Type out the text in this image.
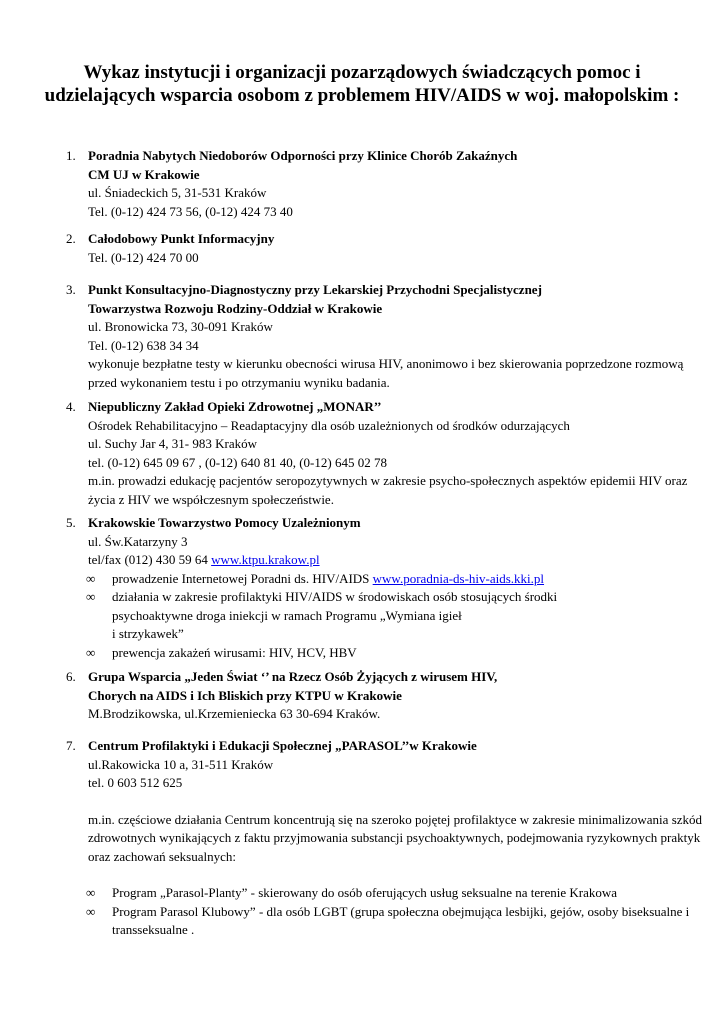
Wykaz instytucji i organizacji pozarządowych świadczących pomoc i udzielających wsparcia osobom z problemem HIV/AIDS w woj. małopolskim :
1. Poradnia Nabytych Niedoborów Odporności przy Klinice Chorób Zakaźnych
CM UJ w Krakowie
ul. Śniadeckich 5, 31-531 Kraków
Tel. (0-12) 424 73 56, (0-12) 424 73 40
2. Całodobowy Punkt Informacyjny
Tel. (0-12) 424 70 00
3. Punkt Konsultacyjno-Diagnostyczny przy Lekarskiej Przychodni Specjalistycznej
Towarzystwa Rozwoju Rodziny-Oddział w Krakowie
ul. Bronowicka 73, 30-091 Kraków
Tel. (0-12) 638 34 34
wykonuje bezpłatne testy w kierunku obecności wirusa HIV, anonimowo i bez skierowania poprzedzone rozmową przed wykonaniem testu i po otrzymaniu wyniku badania.
4. Niepubliczny Zakład Opieki Zdrowotnej „MONAR’’
Ośrodek Rehabilitacyjno – Readaptacyjny dla osób uzależnionych od środków odurzających
ul. Suchy Jar 4, 31- 983 Kraków
tel. (0-12) 645 09 67 , (0-12) 640 81 40, (0-12) 645 02 78
m.in. prowadzi edukację pacjentów seropozytywnych w zakresie psycho-społecznych aspektów epidemii HIV oraz życia z HIV we współczesnym społeczeństwie.
5. Krakowskie Towarzystwo Pomocy Uzależnionym
ul. Św.Katarzyny 3
tel/fax (012) 430 59 64 www.ktpu.krakow.pl
∞ prowadzenie Internetowej Poradni ds. HIV/AIDS www.poradnia-ds-hiv-aids.kki.pl
∞ działania w zakresie profilaktyki HIV/AIDS w środowiskach osób stosujących środki
psychoaktywne droga iniekcji w ramach Programu „Wymiana igieł
i strzykawek”
∞ prewencja zakażeń wirusami: HIV, HCV, HBV
6. Grupa Wsparcia „Jeden Świat ‘’ na Rzecz Osób Żyjących z wirusem HIV,
Chorych na AIDS i Ich Bliskich przy KTPU w Krakowie
M.Brodzikowska, ul.Krzemieniecka 63 30-694 Kraków.
7. Centrum Profilaktyki i Edukacji Społecznej „PARASOL’’w Krakowie
ul.Rakowicka 10 a, 31-511 Kraków
tel. 0 603 512 625
m.in. częściowe działania Centrum koncentrują się na szeroko pojętej profilaktyce w zakresie minimalizowania szkód zdrowotnych wynikających z faktu przyjmowania substancji psychoaktywnych, podejmowania ryzykownych praktyk oraz zachowań seksualnych:
∞ Program „Parasol-Planty” - skierowany do osób oferujących usług seksualne na terenie Krakowa
∞ Program Parasol Klubowy” - dla osób LGBT (grupa społeczna obejmująca lesbijki, gejów, osoby biseksualne i transseksualne .
